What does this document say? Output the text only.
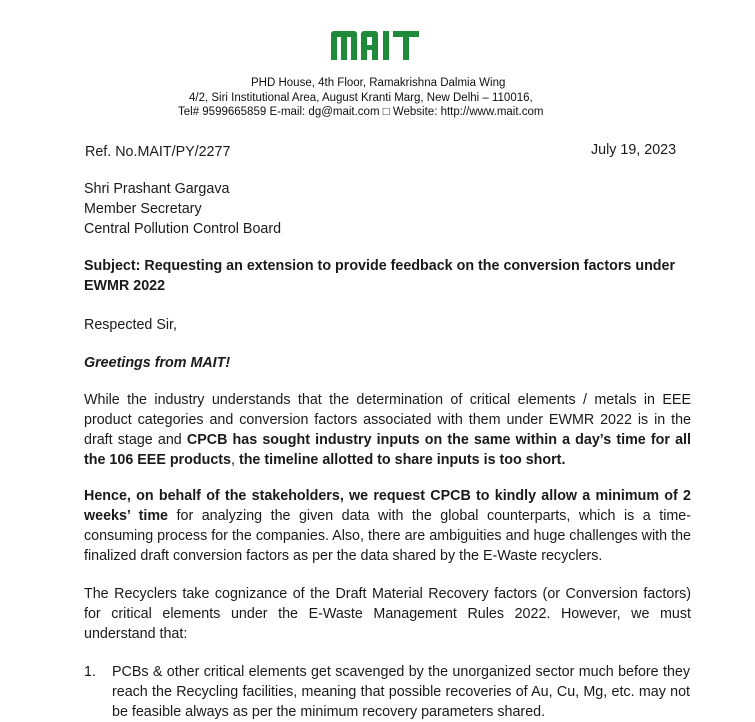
PHD House, 4th Floor, Ramakrishna Dalmia Wing
4/2, Siri Institutional Area, August Kranti Marg, New Delhi – 110016,
Tel# 9599665859 E-mail: dg@mait.com □ Website: http://www.mait.com
Ref. No.MAIT/PY/2277	July 19, 2023
Shri Prashant Gargava
Member Secretary
Central Pollution Control Board
Subject: Requesting an extension to provide feedback on the conversion factors under EWMR 2022
Respected Sir,
Greetings from MAIT!
While the industry understands that the determination of critical elements / metals in EEE product categories and conversion factors associated with them under EWMR 2022 is in the draft stage and CPCB has sought industry inputs on the same within a day’s time for all the 106 EEE products, the timeline allotted to share inputs is too short.
Hence, on behalf of the stakeholders, we request CPCB to kindly allow a minimum of 2 weeks’ time for analyzing the given data with the global counterparts, which is a time-consuming process for the companies. Also, there are ambiguities and huge challenges with the finalized draft conversion factors as per the data shared by the E-Waste recyclers.
The Recyclers take cognizance of the Draft Material Recovery factors (or Conversion factors) for critical elements under the E-Waste Management Rules 2022. However, we must understand that:
1. PCBs & other critical elements get scavenged by the unorganized sector much before they reach the Recycling facilities, meaning that possible recoveries of Au, Cu, Mg, etc. may not be feasible always as per the minimum recovery parameters shared.
